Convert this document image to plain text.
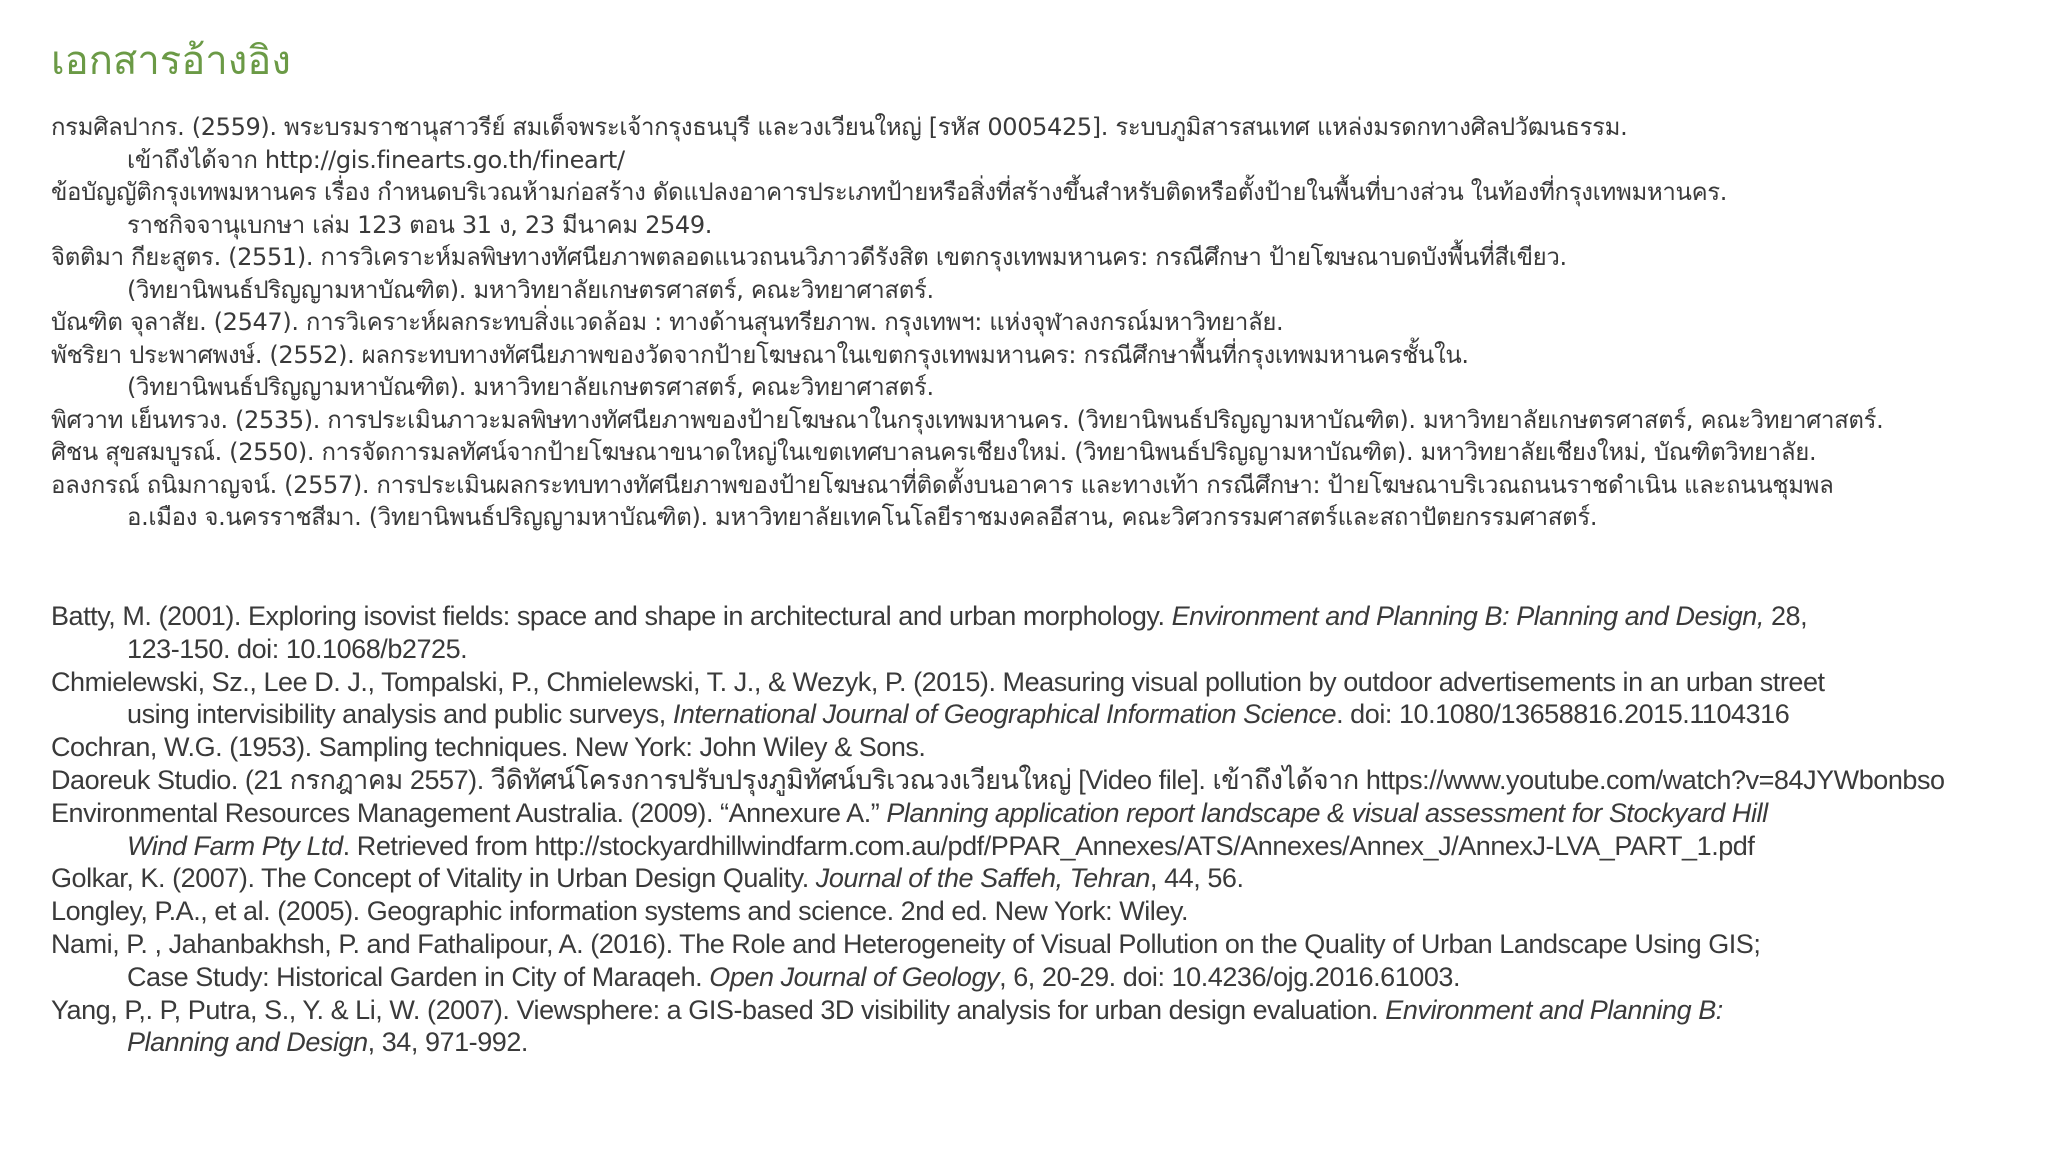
เอกสารอ้างอิง
กรมศิลปากร. (2559). พระบรมราชานุสาวรีย์ สมเด็จพระเจ้ากรุงธนบุรี และวงเวียนใหญ่ [รหัส 0005425]. ระบบภูมิสารสนเทศ แหล่งมรดกทางศิลปวัฒนธรรม.
เข้าถึงได้จาก http://gis.finearts.go.th/fineart/
ข้อบัญญัติกรุงเทพมหานคร เรื่อง กำหนดบริเวณห้ามก่อสร้าง ดัดแปลงอาคารประเภทป้ายหรือสิ่งที่สร้างขึ้นสำหรับติดหรือตั้งป้ายในพื้นที่บางส่วน ในท้องที่กรุงเทพมหานคร.
ราชกิจจานุเบกษา เล่ม 123 ตอน 31 ง, 23 มีนาคม 2549.
จิตติมา กียะสูตร. (2551). การวิเคราะห์มลพิษทางทัศนียภาพตลอดแนวถนนวิภาวดีรังสิต เขตกรุงเทพมหานคร: กรณีศึกษา ป้ายโฆษณาบดบังพื้นที่สีเขียว.
(วิทยานิพนธ์ปริญญามหาบัณฑิต). มหาวิทยาลัยเกษตรศาสตร์, คณะวิทยาศาสตร์.
บัณฑิต จุลาสัย. (2547). การวิเคราะห์ผลกระทบสิ่งแวดล้อม : ทางด้านสุนทรียภาพ. กรุงเทพฯ: แห่งจุฬาลงกรณ์มหาวิทยาลัย.
พัชริยา ประพาศพงษ์. (2552). ผลกระทบทางทัศนียภาพของวัดจากป้ายโฆษณาในเขตกรุงเทพมหานคร: กรณีศึกษาพื้นที่กรุงเทพมหานครชั้นใน.
(วิทยานิพนธ์ปริญญามหาบัณฑิต). มหาวิทยาลัยเกษตรศาสตร์, คณะวิทยาศาสตร์.
พิศวาท เย็นทรวง. (2535). การประเมินภาวะมลพิษทางทัศนียภาพของป้ายโฆษณาในกรุงเทพมหานคร. (วิทยานิพนธ์ปริญญามหาบัณฑิต). มหาวิทยาลัยเกษตรศาสตร์, คณะวิทยาศาสตร์.
ศิชน สุขสมบูรณ์. (2550). การจัดการมลทัศน์จากป้ายโฆษณาขนาดใหญ่ในเขตเทศบาลนครเชียงใหม่. (วิทยานิพนธ์ปริญญามหาบัณฑิต). มหาวิทยาลัยเชียงใหม่, บัณฑิตวิทยาลัย.
อลงกรณ์ ถนิมกาญจน์. (2557). การประเมินผลกระทบทางทัศนียภาพของป้ายโฆษณาที่ติดตั้งบนอาคาร และทางเท้า กรณีศึกษา: ป้ายโฆษณาบริเวณถนนราชดำเนิน และถนนชุมพล
อ.เมือง จ.นครราชสีมา. (วิทยานิพนธ์ปริญญามหาบัณฑิต). มหาวิทยาลัยเทคโนโลยีราชมงคลอีสาน, คณะวิศวกรรมศาสตร์และสถาปัตยกรรมศาสตร์.
Batty, M. (2001). Exploring isovist fields: space and shape in architectural and urban morphology. Environment and Planning B: Planning and Design, 28,
123-150. doi: 10.1068/b2725.
Chmielewski, Sz., Lee D. J., Tompalski, P., Chmielewski, T. J., & Wezyk, P. (2015). Measuring visual pollution by outdoor advertisements in an urban street
using intervisibility analysis and public surveys, International Journal of Geographical Information Science. doi: 10.1080/13658816.2015.1104316
Cochran, W.G. (1953). Sampling techniques. New York: John Wiley & Sons.
Daoreuk Studio. (21 กรกฎาคม 2557). วีดิทัศน์โครงการปรับปรุงภูมิทัศน์บริเวณวงเวียนใหญ่ [Video file]. เข้าถึงได้จาก https://www.youtube.com/watch?v=84JYWbonbso
Environmental Resources Management Australia. (2009). “Annexure A.” Planning application report landscape & visual assessment for Stockyard Hill
Wind Farm Pty Ltd. Retrieved from http://stockyardhillwindfarm.com.au/pdf/PPAR_Annexes/ATS/Annexes/Annex_J/AnnexJ-LVA_PART_1.pdf
Golkar, K. (2007). The Concept of Vitality in Urban Design Quality. Journal of the Saffeh, Tehran, 44, 56.
Longley, P.A., et al. (2005). Geographic information systems and science. 2nd ed. New York: Wiley.
Nami, P. , Jahanbakhsh, P. and Fathalipour, A. (2016). The Role and Heterogeneity of Visual Pollution on the Quality of Urban Landscape Using GIS;
Case Study: Historical Garden in City of Maraqeh. Open Journal of Geology, 6, 20-29. doi: 10.4236/ojg.2016.61003.
Yang, P,. P, Putra, S., Y. & Li, W. (2007). Viewsphere: a GIS-based 3D visibility analysis for urban design evaluation. Environment and Planning B:
Planning and Design, 34, 971-992.
